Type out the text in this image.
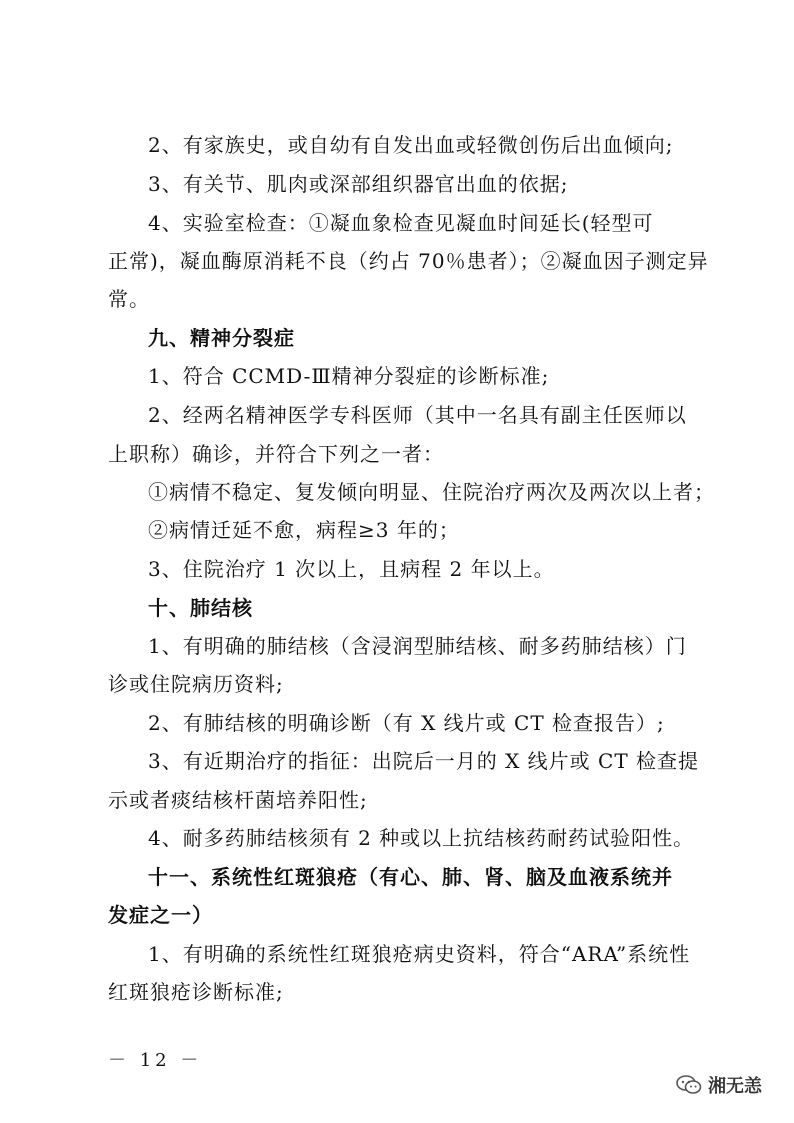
2、有家族史，或自幼有自发出血或轻微创伤后出血倾向;
3、有关节、肌肉或深部组织器官出血的依据;
4、实验室检查：①凝血象检查见凝血时间延长(轻型可
正常)，凝血酶原消耗不良（约占 70％患者）；②凝血因子测定异
常。
九、精神分裂症
1、符合 CCMD-Ⅲ精神分裂症的诊断标准;
2、经两名精神医学专科医师（其中一名具有副主任医师以
上职称）确诊，并符合下列之一者：
①病情不稳定、复发倾向明显、住院治疗两次及两次以上者；
②病情迁延不愈，病程≥3 年的；
3、住院治疗 1 次以上，且病程 2 年以上。
十、肺结核
1、有明确的肺结核（含浸润型肺结核、耐多药肺结核）门
诊或住院病历资料;
2、有肺结核的明确诊断（有 X 线片或 CT 检查报告）;
3、有近期治疗的指征：出院后一月的 X 线片或 CT 检查提
示或者痰结核杆菌培养阳性;
4、耐多药肺结核须有 2 种或以上抗结核药耐药试验阳性。
十一、系统性红斑狼疮（有心、肺、肾、脑及血液系统并
发症之一）
1、有明确的系统性红斑狼疮病史资料，符合“ARA”系统性
红斑狼疮诊断标准;
－ 12 －
湘无恙
